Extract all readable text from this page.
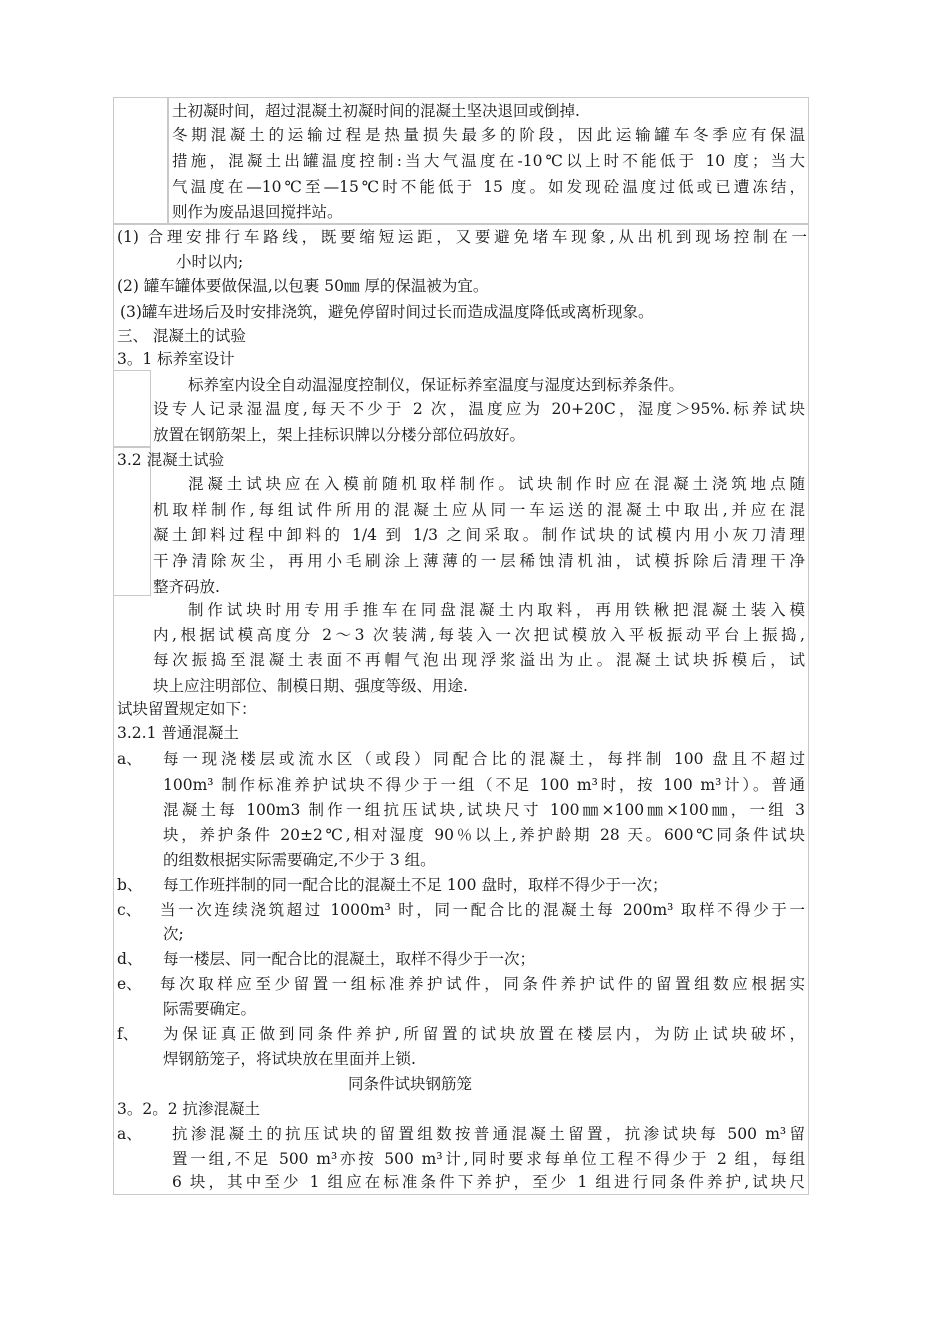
土初凝时间，超过混凝土初凝时间的混凝土坚决退回或倒掉.
冬期混凝土的运输过程是热量损失最多的阶段，因此运输罐车冬季应有保温
措施，混凝土出罐温度控制:当大气温度在-10℃以上时不能低于 10 度；当大
气温度在—10℃至—15℃时不能低于 15 度。如发现砼温度过低或已遭冻结，
则作为废品退回搅拌站。
(1) 合理安排行车路线，既要缩短运距，又要避免堵车现象,从出机到现场控制在一
小时以内;
(2) 罐车罐体要做保温,以包裹 50㎜ 厚的保温被为宜。
(3)罐车进场后及时安排浇筑，避免停留时间过长而造成温度降低或离析现象。
三、 混凝土的试验
3。1 标养室设计
标养室内设全自动温湿度控制仪，保证标养室温度与湿度达到标养条件。
设专人记录湿温度,每天不少于 2 次，温度应为 20+20C，湿度＞95%.标养试块
放置在钢筋架上，架上挂标识牌以分楼分部位码放好。
3.2 混凝土试验
混凝土试块应在入模前随机取样制作。试块制作时应在混凝土浇筑地点随
机取样制作,每组试件所用的混凝土应从同一车运送的混凝土中取出,并应在混
凝土卸料过程中卸料的 1/4 到 1/3 之间采取。制作试块的试模内用小灰刀清理
干净清除灰尘，再用小毛刷涂上薄薄的一层稀蚀清机油，试模拆除后清理干净
整齐码放.
制作试块时用专用手推车在同盘混凝土内取料，再用铁楸把混凝土装入模
内,根据试模高度分 2～3 次装满,每装入一次把试模放入平板振动平台上振捣,
每次振捣至混凝土表面不再帽气泡出现浮浆溢出为止。混凝土试块拆模后，试
块上应注明部位、制模日期、强度等级、用途.
试块留置规定如下：
3.2.1 普通混凝土
a、 每一现浇楼层或流水区（或段）同配合比的混凝土，每拌制 100 盘且不超过
100m³ 制作标准养护试块不得少于一组（不足 100 m³时，按 100 m³计）。普通
混凝土每 100m3 制作一组抗压试块,试块尺寸 100㎜×100㎜×100㎜，一组 3
块，养护条件 20±2℃,相对湿度 90％以上,养护龄期 28 天。600℃同条件试块
的组数根据实际需要确定,不少于 3 组。
b、 每工作班拌制的同一配合比的混凝土不足 100 盘时，取样不得少于一次；
c、 当一次连续浇筑超过 1000m³ 时，同一配合比的混凝土每 200m³ 取样不得少于一
次;
d、 每一楼层、同一配合比的混凝土，取样不得少于一次；
e、 每次取样应至少留置一组标准养护试件，同条件养护试件的留置组数应根据实
际需要确定。
f、 为保证真正做到同条件养护,所留置的试块放置在楼层内，为防止试块破坏，
焊钢筋笼子，将试块放在里面并上锁.
同条件试块钢筋笼
3。2。2 抗渗混凝土
a、 抗渗混凝土的抗压试块的留置组数按普通混凝土留置，抗渗试块每 500 m³留
置一组,不足 500 m³亦按 500 m³计,同时要求每单位工程不得少于 2 组，每组
6 块，其中至少 1 组应在标准条件下养护，至少 1 组进行同条件养护,试块尺
